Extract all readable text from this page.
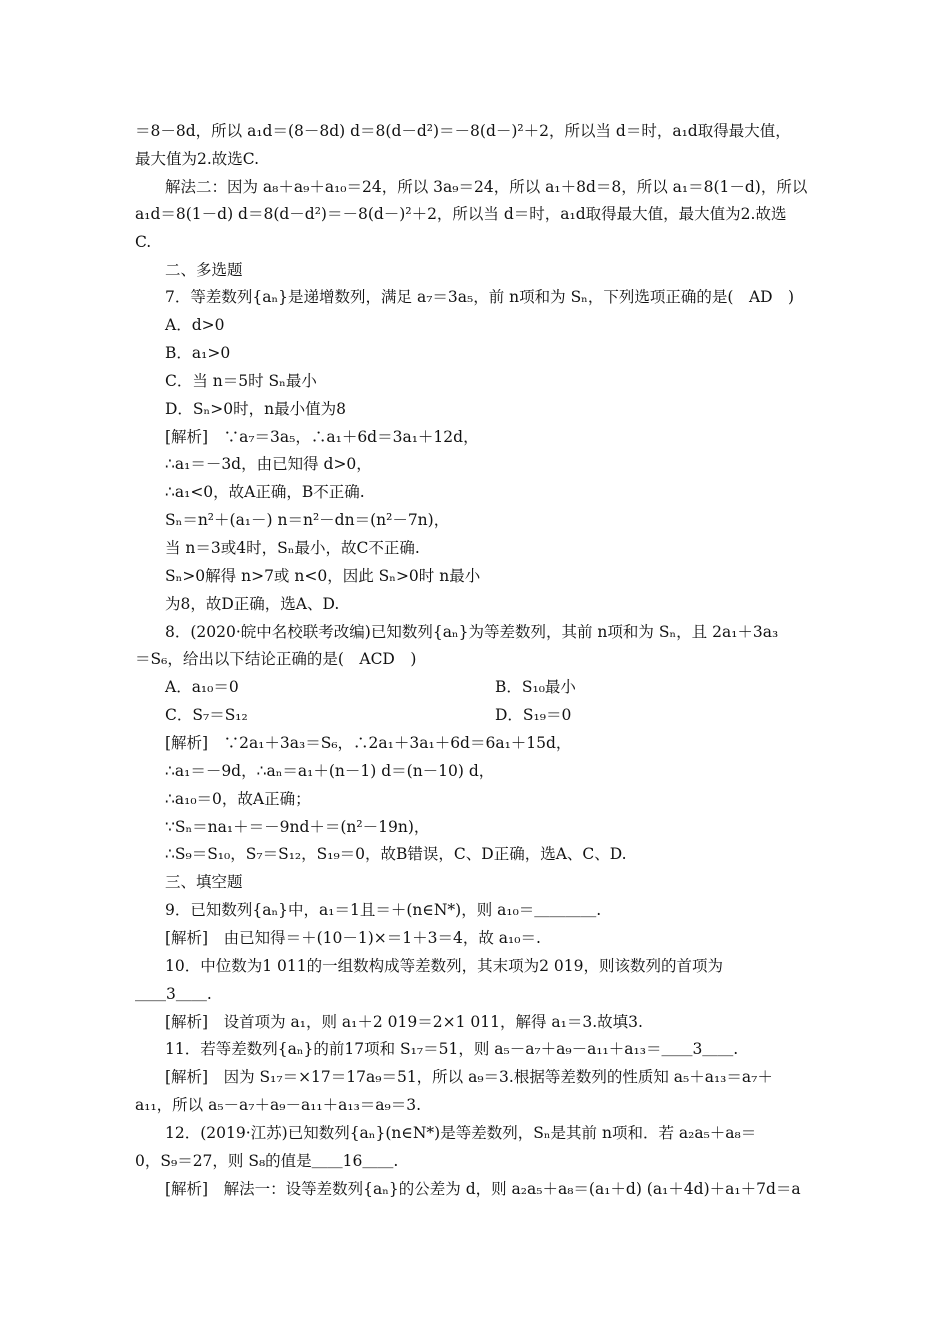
＝8－8d，所以 a₁d＝(8－8d) d＝8(d－d²)＝－8(d－)²＋2，所以当 d＝时，a₁d取得最大值，
最大值为2.故选C.
解法二：因为 a₈＋a₉＋a₁₀＝24，所以 3a₉＝24，所以 a₁＋8d＝8，所以 a₁＝8(1－d)，所以
a₁d＝8(1－d) d＝8(d－d²)＝－8(d－)²＋2，所以当 d＝时，a₁d取得最大值，最大值为2.故选
C.
二、多选题
7．等差数列{aₙ}是递增数列，满足 a₇＝3a₅，前 n项和为 Sₙ，下列选项正确的是(　AD　)
A．d>0
B．a₁>0
C．当 n＝5时 Sₙ最小
D．Sₙ>0时，n最小值为8
[解析]　∵a₇＝3a₅，∴a₁＋6d＝3a₁＋12d，
∴a₁＝－3d，由已知得 d>0，
∴a₁<0，故A正确，B不正确.
Sₙ＝n²＋(a₁－) n＝n²－dn＝(n²－7n)，
当 n＝3或4时，Sₙ最小，故C不正确.
Sₙ>0解得 n>7或 n<0，因此 Sₙ>0时 n最小
为8，故D正确，选A、D.
8．(2020·皖中名校联考改编)已知数列{aₙ}为等差数列，其前 n项和为 Sₙ，且 2a₁＋3a₃
＝S₆，给出以下结论正确的是(　ACD　)
A．a₁₀＝0	B．S₁₀最小
C．S₇＝S₁₂	D．S₁₉＝0
[解析]　∵2a₁＋3a₃＝S₆，∴2a₁＋3a₁＋6d＝6a₁＋15d，
∴a₁＝－9d，∴aₙ＝a₁＋(n－1) d＝(n－10) d，
∴a₁₀＝0，故A正确；
∵Sₙ＝na₁＋＝－9nd＋＝(n²－19n)，
∴S₉＝S₁₀，S₇＝S₁₂，S₁₉＝0，故B错误，C、D正确，选A、C、D.
三、填空题
9．已知数列{aₙ}中，a₁＝1且＝＋(n∈N*)，则 a₁₀＝＿＿＿＿.
[解析]　由已知得＝＋(10－1)×＝1＋3＝4，故 a₁₀＝.
10．中位数为1 011的一组数构成等差数列，其末项为2 019，则该数列的首项为
＿＿3＿＿.
[解析]　设首项为 a₁，则 a₁＋2 019＝2×1 011，解得 a₁＝3.故填3.
11．若等差数列{aₙ}的前17项和 S₁₇＝51，则 a₅－a₇＋a₉－a₁₁＋a₁₃＝＿＿3＿＿.
[解析]　因为 S₁₇＝×17＝17a₉＝51，所以 a₉＝3.根据等差数列的性质知 a₅＋a₁₃＝a₇＋
a₁₁，所以 a₅－a₇＋a₉－a₁₁＋a₁₃＝a₉＝3.
12．(2019·江苏)已知数列{aₙ}(n∈N*)是等差数列，Sₙ是其前 n项和．若 a₂a₅＋a₈＝
0，S₉＝27，则 S₈的值是＿＿16＿＿.
[解析]　解法一：设等差数列{aₙ}的公差为 d，则 a₂a₅＋a₈＝(a₁＋d) (a₁＋4d)＋a₁＋7d＝a
